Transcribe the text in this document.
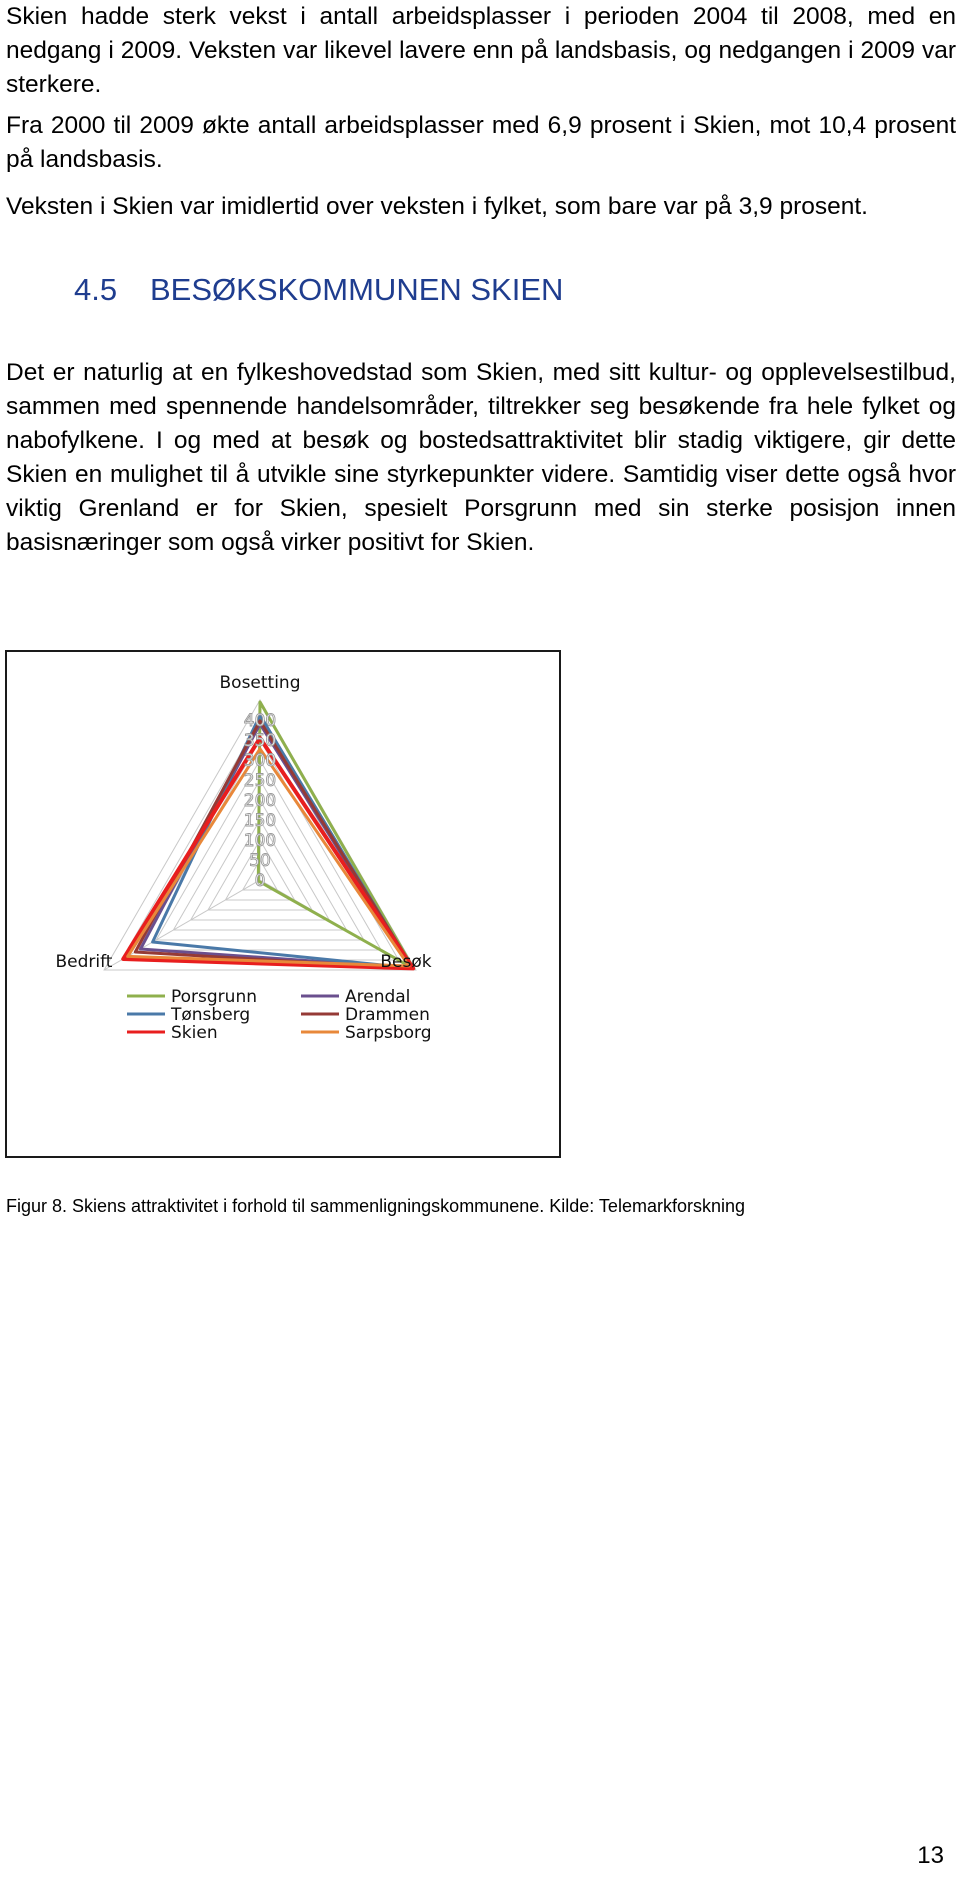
Skien hadde sterk vekst i antall arbeidsplasser i perioden 2004 til 2008, med en nedgang i 2009. Veksten var likevel lavere enn på landsbasis, og nedgangen i 2009 var sterkere.

Fra 2000 til 2009 økte antall arbeidsplasser med 6,9 prosent i Skien, mot 10,4 prosent på landsbasis.

Veksten i Skien var imidlertid over veksten i fylket, som bare var på 3,9 prosent.

4.5 BESØKSKOMMUNEN SKIEN

Det er naturlig at en fylkeshovedstad som Skien, med sitt kultur- og opplevelsestilbud, sammen med spennende handelsområder, tiltrekker seg besøkende fra hele fylket og nabofylkene. I og med at besøk og bostedsattraktivitet blir stadig viktigere, gir dette Skien en mulighet til å utvikle sine styrkepunkter videre. Samtidig viser dette også hvor viktig Grenland er for Skien, spesielt Porsgrunn med sin sterke posisjon innen basisnæringer som også virker positivt for Skien.

0
50
100
150
200
250
300
350
400
Bosetting
Besøk
Bedrift
Porsgrunn	Arendal
Tønsberg	Drammen
Skien	Sarpsborg

Figur 8. Skiens attraktivitet i forhold til sammenligningskommunene. Kilde: Telemarkforskning

13
